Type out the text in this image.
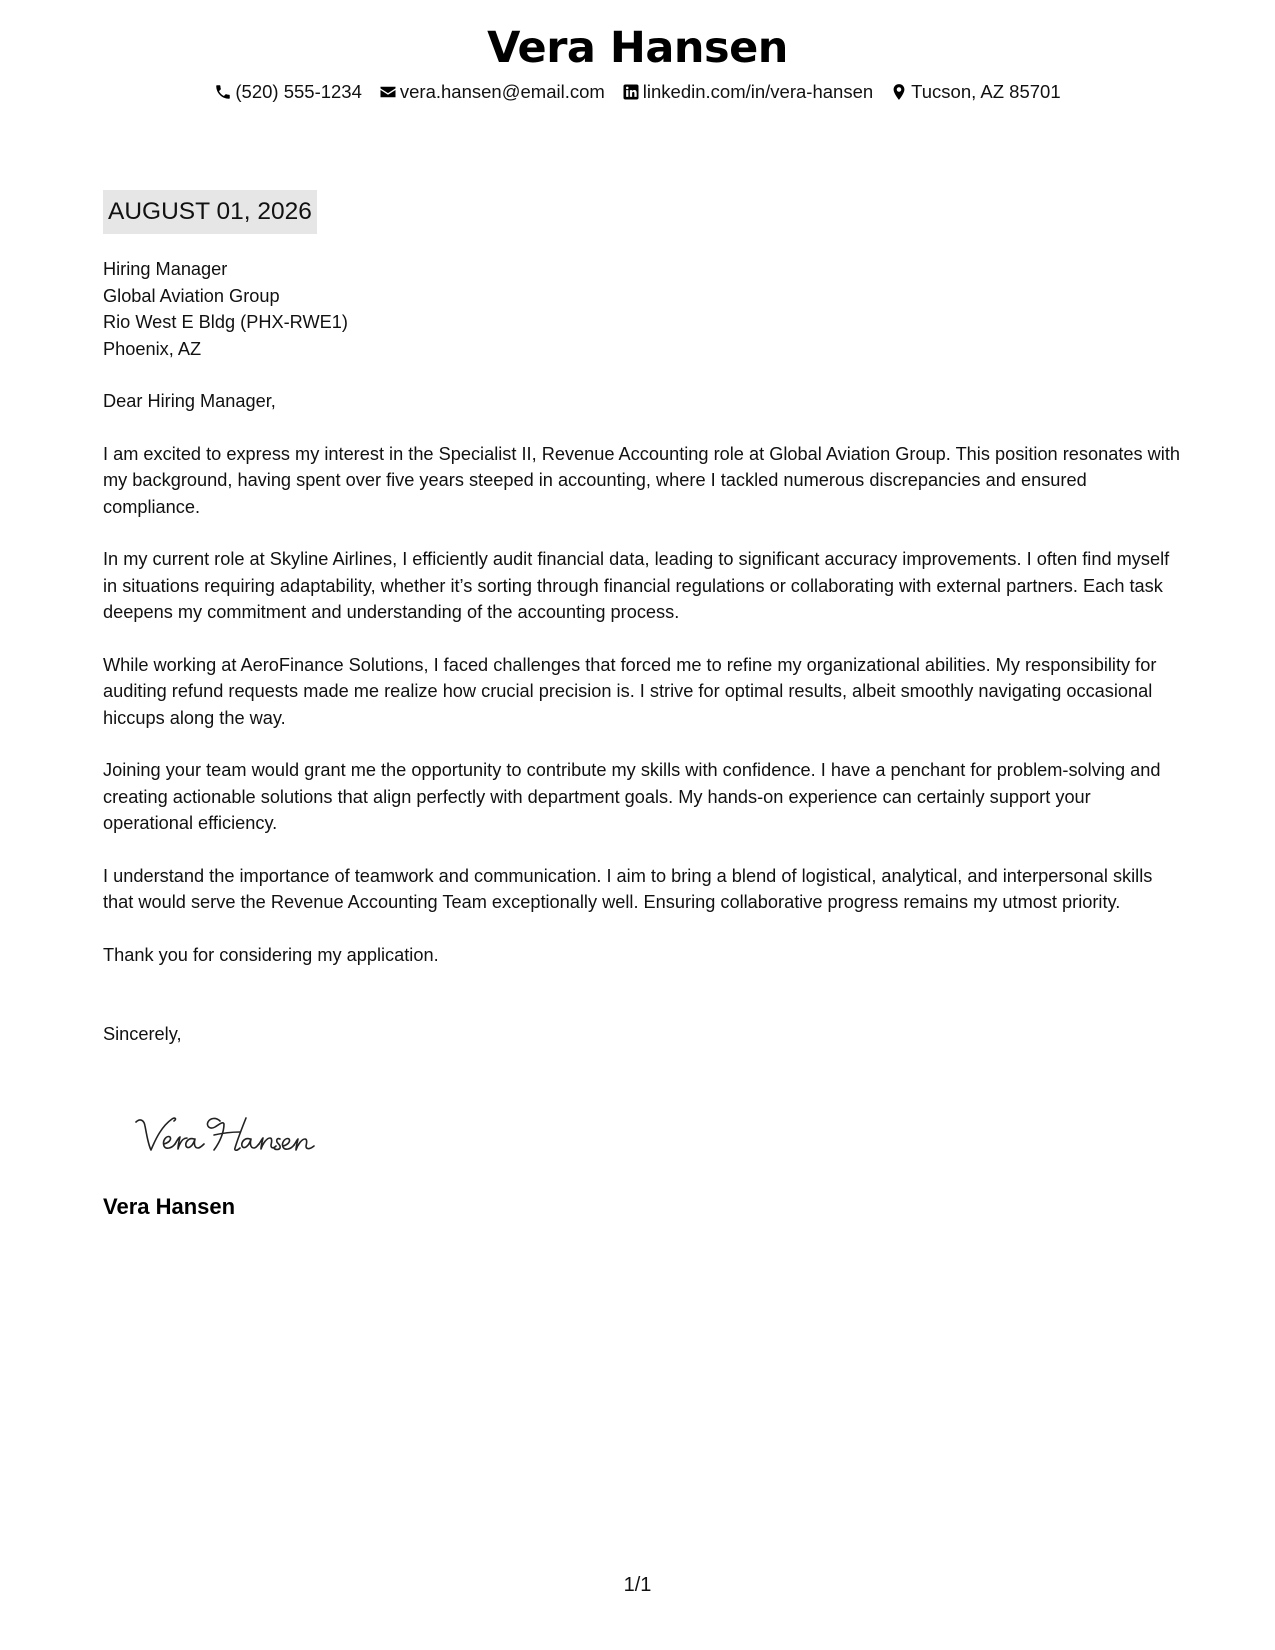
Vera Hansen
(520) 555-1234 vera.hansen@email.com linkedin.com/in/vera-hansen Tucson, AZ 85701
AUGUST 01, 2026
Hiring Manager
Global Aviation Group
Rio West E Bldg (PHX-RWE1)
Phoenix, AZ
Dear Hiring Manager,

I am excited to express my interest in the Specialist II, Revenue Accounting role at Global Aviation Group. This position resonates with my background, having spent over five years steeped in accounting, where I tackled numerous discrepancies and ensured compliance.

In my current role at Skyline Airlines, I efficiently audit financial data, leading to significant accuracy improvements. I often find myself in situations requiring adaptability, whether it’s sorting through financial regulations or collaborating with external partners. Each task deepens my commitment and understanding of the accounting process.

While working at AeroFinance Solutions, I faced challenges that forced me to refine my organizational abilities. My responsibility for auditing refund requests made me realize how crucial precision is. I strive for optimal results, albeit smoothly navigating occasional hiccups along the way.

Joining your team would grant me the opportunity to contribute my skills with confidence. I have a penchant for problem-solving and creating actionable solutions that align perfectly with department goals. My hands-on experience can certainly support your operational efficiency.

I understand the importance of teamwork and communication. I aim to bring a blend of logistical, analytical, and interpersonal skills that would serve the Revenue Accounting Team exceptionally well. Ensuring collaborative progress remains my utmost priority.

Thank you for considering my application.
Sincerely,
Vera Hansen
1/1
